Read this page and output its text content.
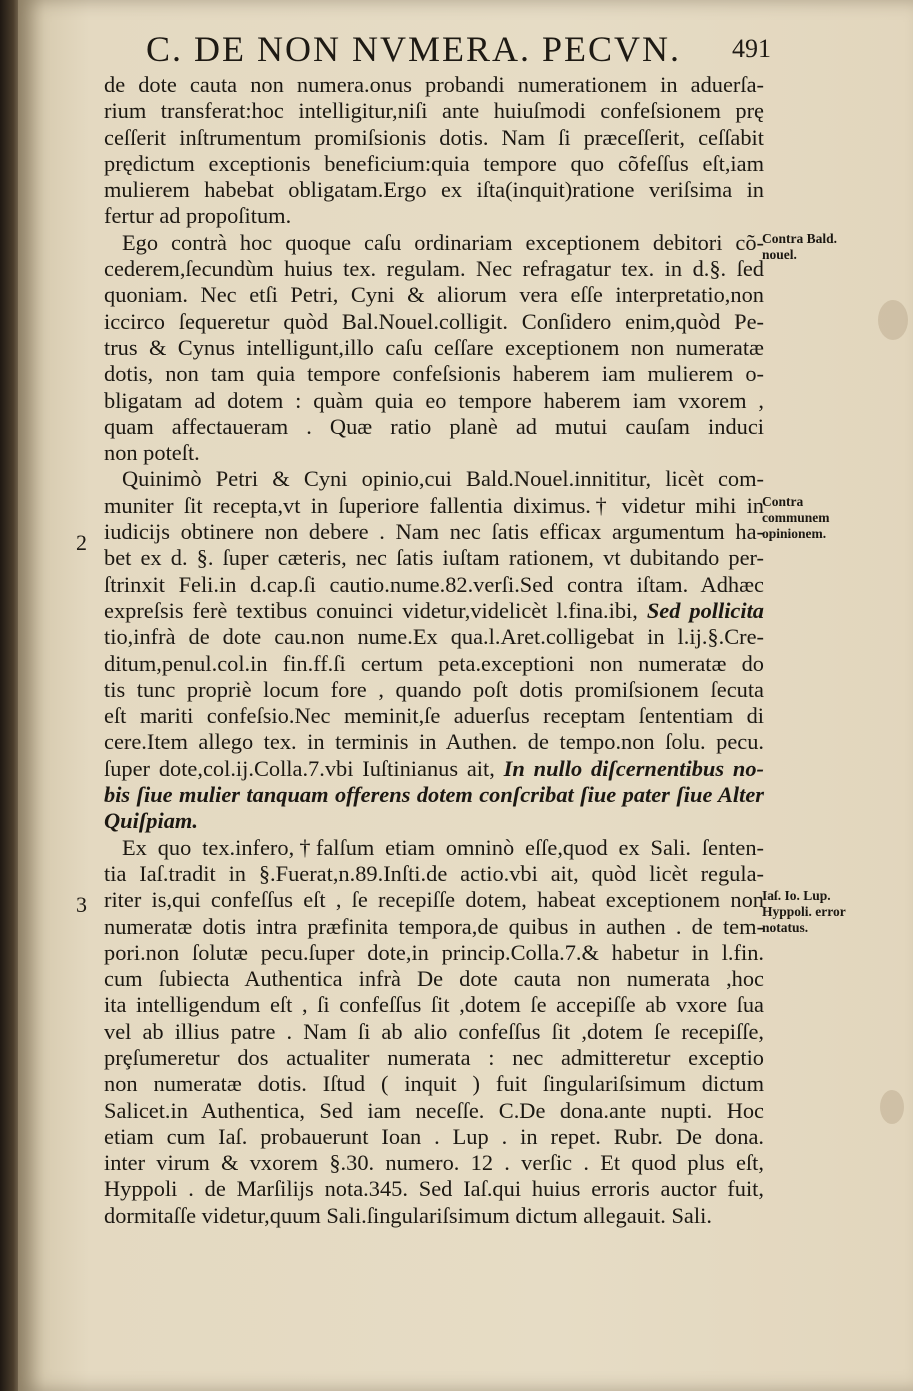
C. DE NON NVMERA. PECVN.	491
de dote cauta non numera.onus probandi numerationem in aduerſa-
rium transferat:hoc intelligitur,niſi ante huiuſmodi confeſsionem prę
ceſſerit inſtrumentum promiſsionis dotis. Nam ſi præceſſerit, ceſſabit
prędictum exceptionis beneficium:quia tempore quo cõfeſſus eſt,iam
mulierem habebat obligatam.Ergo ex iſta(inquit)ratione veriſsima in
fertur ad propoſitum.
Ego contrà hoc quoque caſu ordinariam exceptionem debitori cõ-
cederem,ſecundùm huius tex. regulam. Nec refragatur tex. in d.§. ſed
quoniam. Nec etſi Petri, Cyni & aliorum vera eſſe interpretatio,non
iccirco ſequeretur quòd Bal.Nouel.colligit. Conſidero enim,quòd Pe-
trus & Cynus intelligunt,illo caſu ceſſare exceptionem non numeratæ
dotis, non tam quia tempore confeſsionis haberem iam mulierem o-
bligatam ad dotem : quàm quia eo tempore haberem iam vxorem ,
quam affectaueram . Quæ ratio planè ad mutui cauſam induci
non poteſt.
Quinimò Petri & Cyni opinio,cui Bald.Nouel.innititur, licèt com-
muniter ſit recepta,vt in ſuperiore fallentia diximus.† videtur mihi in
iudicijs obtinere non debere . Nam nec ſatis efficax argumentum ha-
bet ex d. §. ſuper cæteris, nec ſatis iuſtam rationem, vt dubitando per-
ſtrinxit Feli.in d.cap.ſi cautio.nume.82.verſi.Sed contra iſtam. Adhæc
expreſsis ferè textibus conuinci videtur,videlicèt l.fina.ibi, Sed pollicita
tio,infrà de dote cau.non nume.Ex qua.l.Aret.colligebat in l.ij.§.Cre-
ditum,penul.col.in fin.ff.ſi certum peta.exceptioni non numeratæ do
tis tunc propriè locum fore , quando poſt dotis promiſsionem ſecuta
eſt mariti confeſsio.Nec meminit,ſe aduerſus receptam ſententiam di
cere.Item allego tex. in terminis in Authen. de tempo.non ſolu. pecu.
ſuper dote,col.ij.Colla.7.vbi Iuſtinianus ait, In nullo diſcernentibus no-
bis ſiue mulier tanquam offerens dotem conſcribat ſiue pater ſiue Alter
Quiſpiam.
Ex quo tex.infero,†falſum etiam omninò eſſe,quod ex Sali. ſenten-
tia Iaſ.tradit in §.Fuerat,n.89.Inſti.de actio.vbi ait, quòd licèt regula-
riter is,qui confeſſus eſt , ſe recepiſſe dotem, habeat exceptionem non
numeratæ dotis intra præfinita tempora,de quibus in authen . de tem-
pori.non ſolutæ pecu.ſuper dote,in princip.Colla.7.& habetur in l.fin.
cum ſubiecta Authentica infrà De dote cauta non numerata ,hoc
ita intelligendum eſt , ſi confeſſus ſit ,dotem ſe accepiſſe ab vxore ſua
vel ab illius patre . Nam ſi ab alio confeſſus ſit ,dotem ſe recepiſſe,
prȩſumeretur dos actualiter numerata : nec admitteretur exceptio
non numeratæ dotis. Iſtud ( inquit ) fuit ſingulariſsimum dictum
Salicet.in Authentica, Sed iam neceſſe. C.De dona.ante nupti. Hoc
etiam cum Iaſ. probauerunt Ioan . Lup . in repet. Rubr. De dona.
inter virum & vxorem §.30. numero. 12 . verſic . Et quod plus eſt,
Hyppoli . de Marſilijs nota.345. Sed Iaſ.qui huius erroris auctor fuit,
dormitaſſe videtur,quum Sali.ſingulariſsimum dictum allegauit. Sali.
Contra Bald. nouel.
Contra communem opinionem.
Iaſ. Io. Lup. Hyppoli. error notatus.
2
3
